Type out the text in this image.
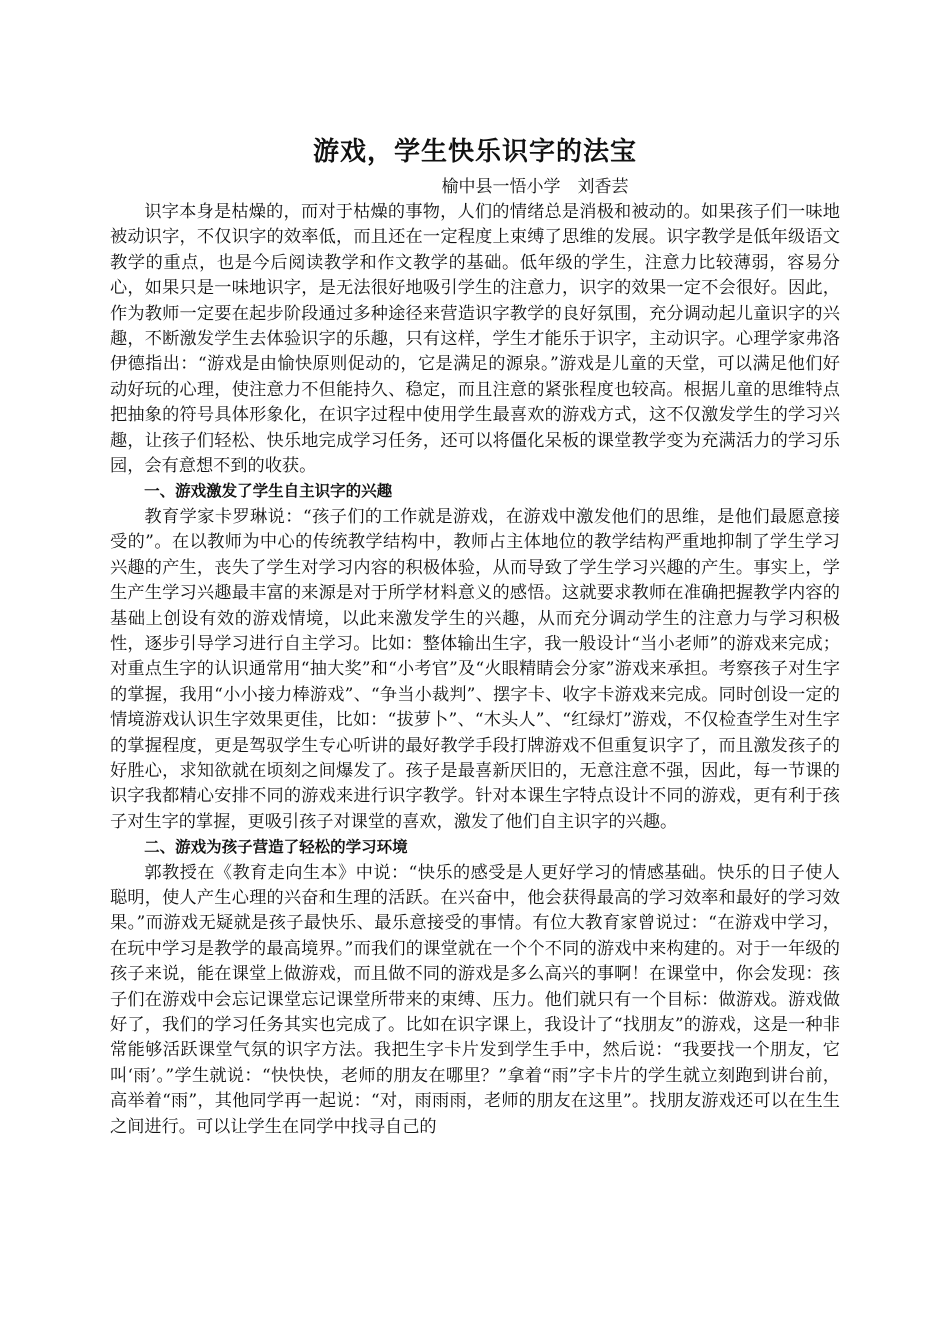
游戏，学生快乐识字的法宝

榆中县一悟小学　刘香芸

识字本身是枯燥的，而对于枯燥的事物，人们的情绪总是消极和被动的。如果孩子们一味地被动识字，不仅识字的效率低，而且还在一定程度上束缚了思维的发展。识字教学是低年级语文教学的重点，也是今后阅读教学和作文教学的基础。低年级的学生，注意力比较薄弱，容易分心，如果只是一味地识字，是无法很好地吸引学生的注意力，识字的效果一定不会很好。因此，作为教师一定要在起步阶段通过多种途径来营造识字教学的良好氛围，充分调动起儿童识字的兴趣，不断激发学生去体验识字的乐趣，只有这样，学生才能乐于识字，主动识字。心理学家弗洛伊德指出：“游戏是由愉快原则促动的，它是满足的源泉。”游戏是儿童的天堂，可以满足他们好动好玩的心理，使注意力不但能持久、稳定，而且注意的紧张程度也较高。根据儿童的思维特点把抽象的符号具体形象化，在识字过程中使用学生最喜欢的游戏方式，这不仅激发学生的学习兴趣，让孩子们轻松、快乐地完成学习任务，还可以将僵化呆板的课堂教学变为充满活力的学习乐园，会有意想不到的收获。

一、游戏激发了学生自主识字的兴趣

教育学家卡罗琳说：“孩子们的工作就是游戏，在游戏中激发他们的思维，是他们最愿意接受的”。在以教师为中心的传统教学结构中，教师占主体地位的教学结构严重地抑制了学生学习兴趣的产生，丧失了学生对学习内容的积极体验，从而导致了学生学习兴趣的产生。事实上，学生产生学习兴趣最丰富的来源是对于所学材料意义的感悟。这就要求教师在准确把握教学内容的基础上创设有效的游戏情境，以此来激发学生的兴趣，从而充分调动学生的注意力与学习积极性，逐步引导学习进行自主学习。比如：整体输出生字，我一般设计“当小老师”的游戏来完成；对重点生字的认识通常用“抽大奖”和“小考官”及“火眼精睛会分家”游戏来承担。考察孩子对生字的掌握，我用“小小接力棒游戏”、“争当小裁判”、摆字卡、收字卡游戏来完成。同时创设一定的情境游戏认识生字效果更佳，比如：“拔萝卜”、“木头人”、“红绿灯”游戏，不仅检查学生对生字的掌握程度，更是驾驭学生专心听讲的最好教学手段打牌游戏不但重复识字了，而且激发孩子的好胜心，求知欲就在顷刻之间爆发了。孩子是最喜新厌旧的，无意注意不强，因此，每一节课的识字我都精心安排不同的游戏来进行识字教学。针对本课生字特点设计不同的游戏，更有利于孩子对生字的掌握，更吸引孩子对课堂的喜欢，激发了他们自主识字的兴趣。

二、游戏为孩子营造了轻松的学习环境

郭教授在《教育走向生本》中说：“快乐的感受是人更好学习的情感基础。快乐的日子使人聪明，使人产生心理的兴奋和生理的活跃。在兴奋中，他会获得最高的学习效率和最好的学习效果。”而游戏无疑就是孩子最快乐、最乐意接受的事情。有位大教育家曾说过：“在游戏中学习，在玩中学习是教学的最高境界。”而我们的课堂就在一个个不同的游戏中来构建的。对于一年级的孩子来说，能在课堂上做游戏，而且做不同的游戏是多么高兴的事啊！在课堂中，你会发现：孩子们在游戏中会忘记课堂忘记课堂所带来的束缚、压力。他们就只有一个目标：做游戏。游戏做好了，我们的学习任务其实也完成了。比如在识字课上，我设计了“找朋友”的游戏，这是一种非常能够活跃课堂气氛的识字方法。我把生字卡片发到学生手中，然后说：“我要找一个朋友，它叫‘雨’。”学生就说：“快快快，老师的朋友在哪里？”拿着“雨”字卡片的学生就立刻跑到讲台前，高举着“雨”，其他同学再一起说：“对，雨雨雨，老师的朋友在这里”。找朋友游戏还可以在生生之间进行。可以让学生在同学中找寻自己的
